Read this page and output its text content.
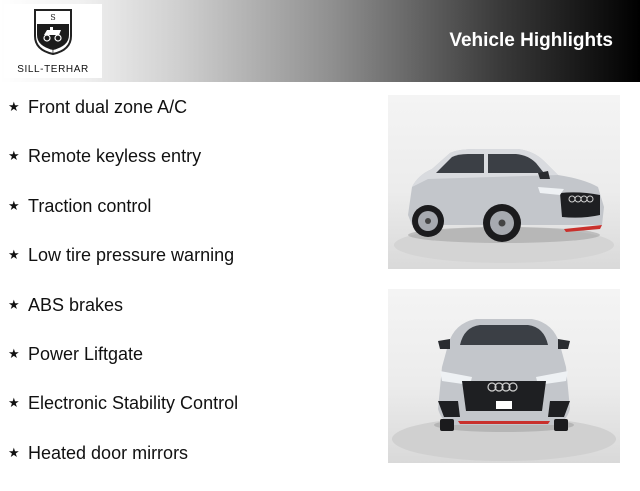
S
T
SILL-TERHAR
Vehicle Highlights
★ Front dual zone A/C
★ Remote keyless entry
★ Traction control
★ Low tire pressure warning
★ ABS brakes
★ Power Liftgate
★ Electronic Stability Control
★ Heated door mirrors
